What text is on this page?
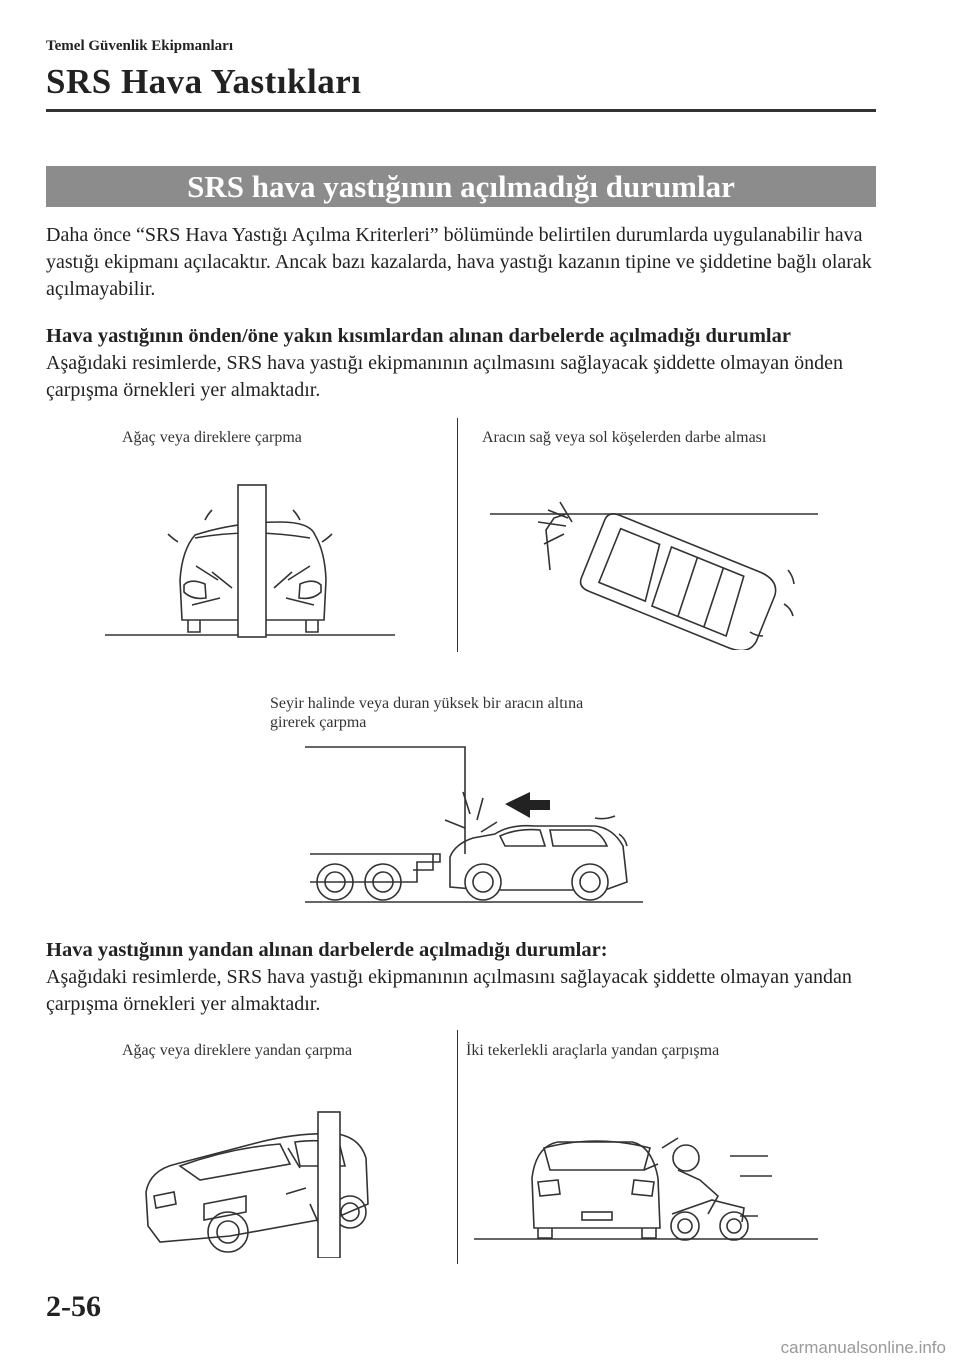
Temel Güvenlik Ekipmanları
SRS Hava Yastıkları
SRS hava yastığının açılmadığı durumlar
Daha önce “SRS Hava Yastığı Açılma Kriterleri” bölümünde belirtilen durumlarda uygulanabilir hava yastığı ekipmanı açılacaktır. Ancak bazı kazalarda, hava yastığı kazanın tipine ve şiddetine bağlı olarak açılmayabilir.
Hava yastığının önden/öne yakın kısımlardan alınan darbelerde açılmadığı durumlar
Aşağıdaki resimlerde, SRS hava yastığı ekipmanının açılmasını sağlayacak şiddette olmayan önden çarpışma örnekleri yer almaktadır.
Ağaç veya direklere çarpma	Aracın sağ veya sol köşelerden darbe alması
Seyir halinde veya duran yüksek bir aracın altına
girerek çarpma
Hava yastığının yandan alınan darbelerde açılmadığı durumlar:
Aşağıdaki resimlerde, SRS hava yastığı ekipmanının açılmasını sağlayacak şiddette olmayan yandan çarpışma örnekleri yer almaktadır.
Ağaç veya direklere yandan çarpma	İki tekerlekli araçlarla yandan çarpışma
2-56
carmanualsonline.info
